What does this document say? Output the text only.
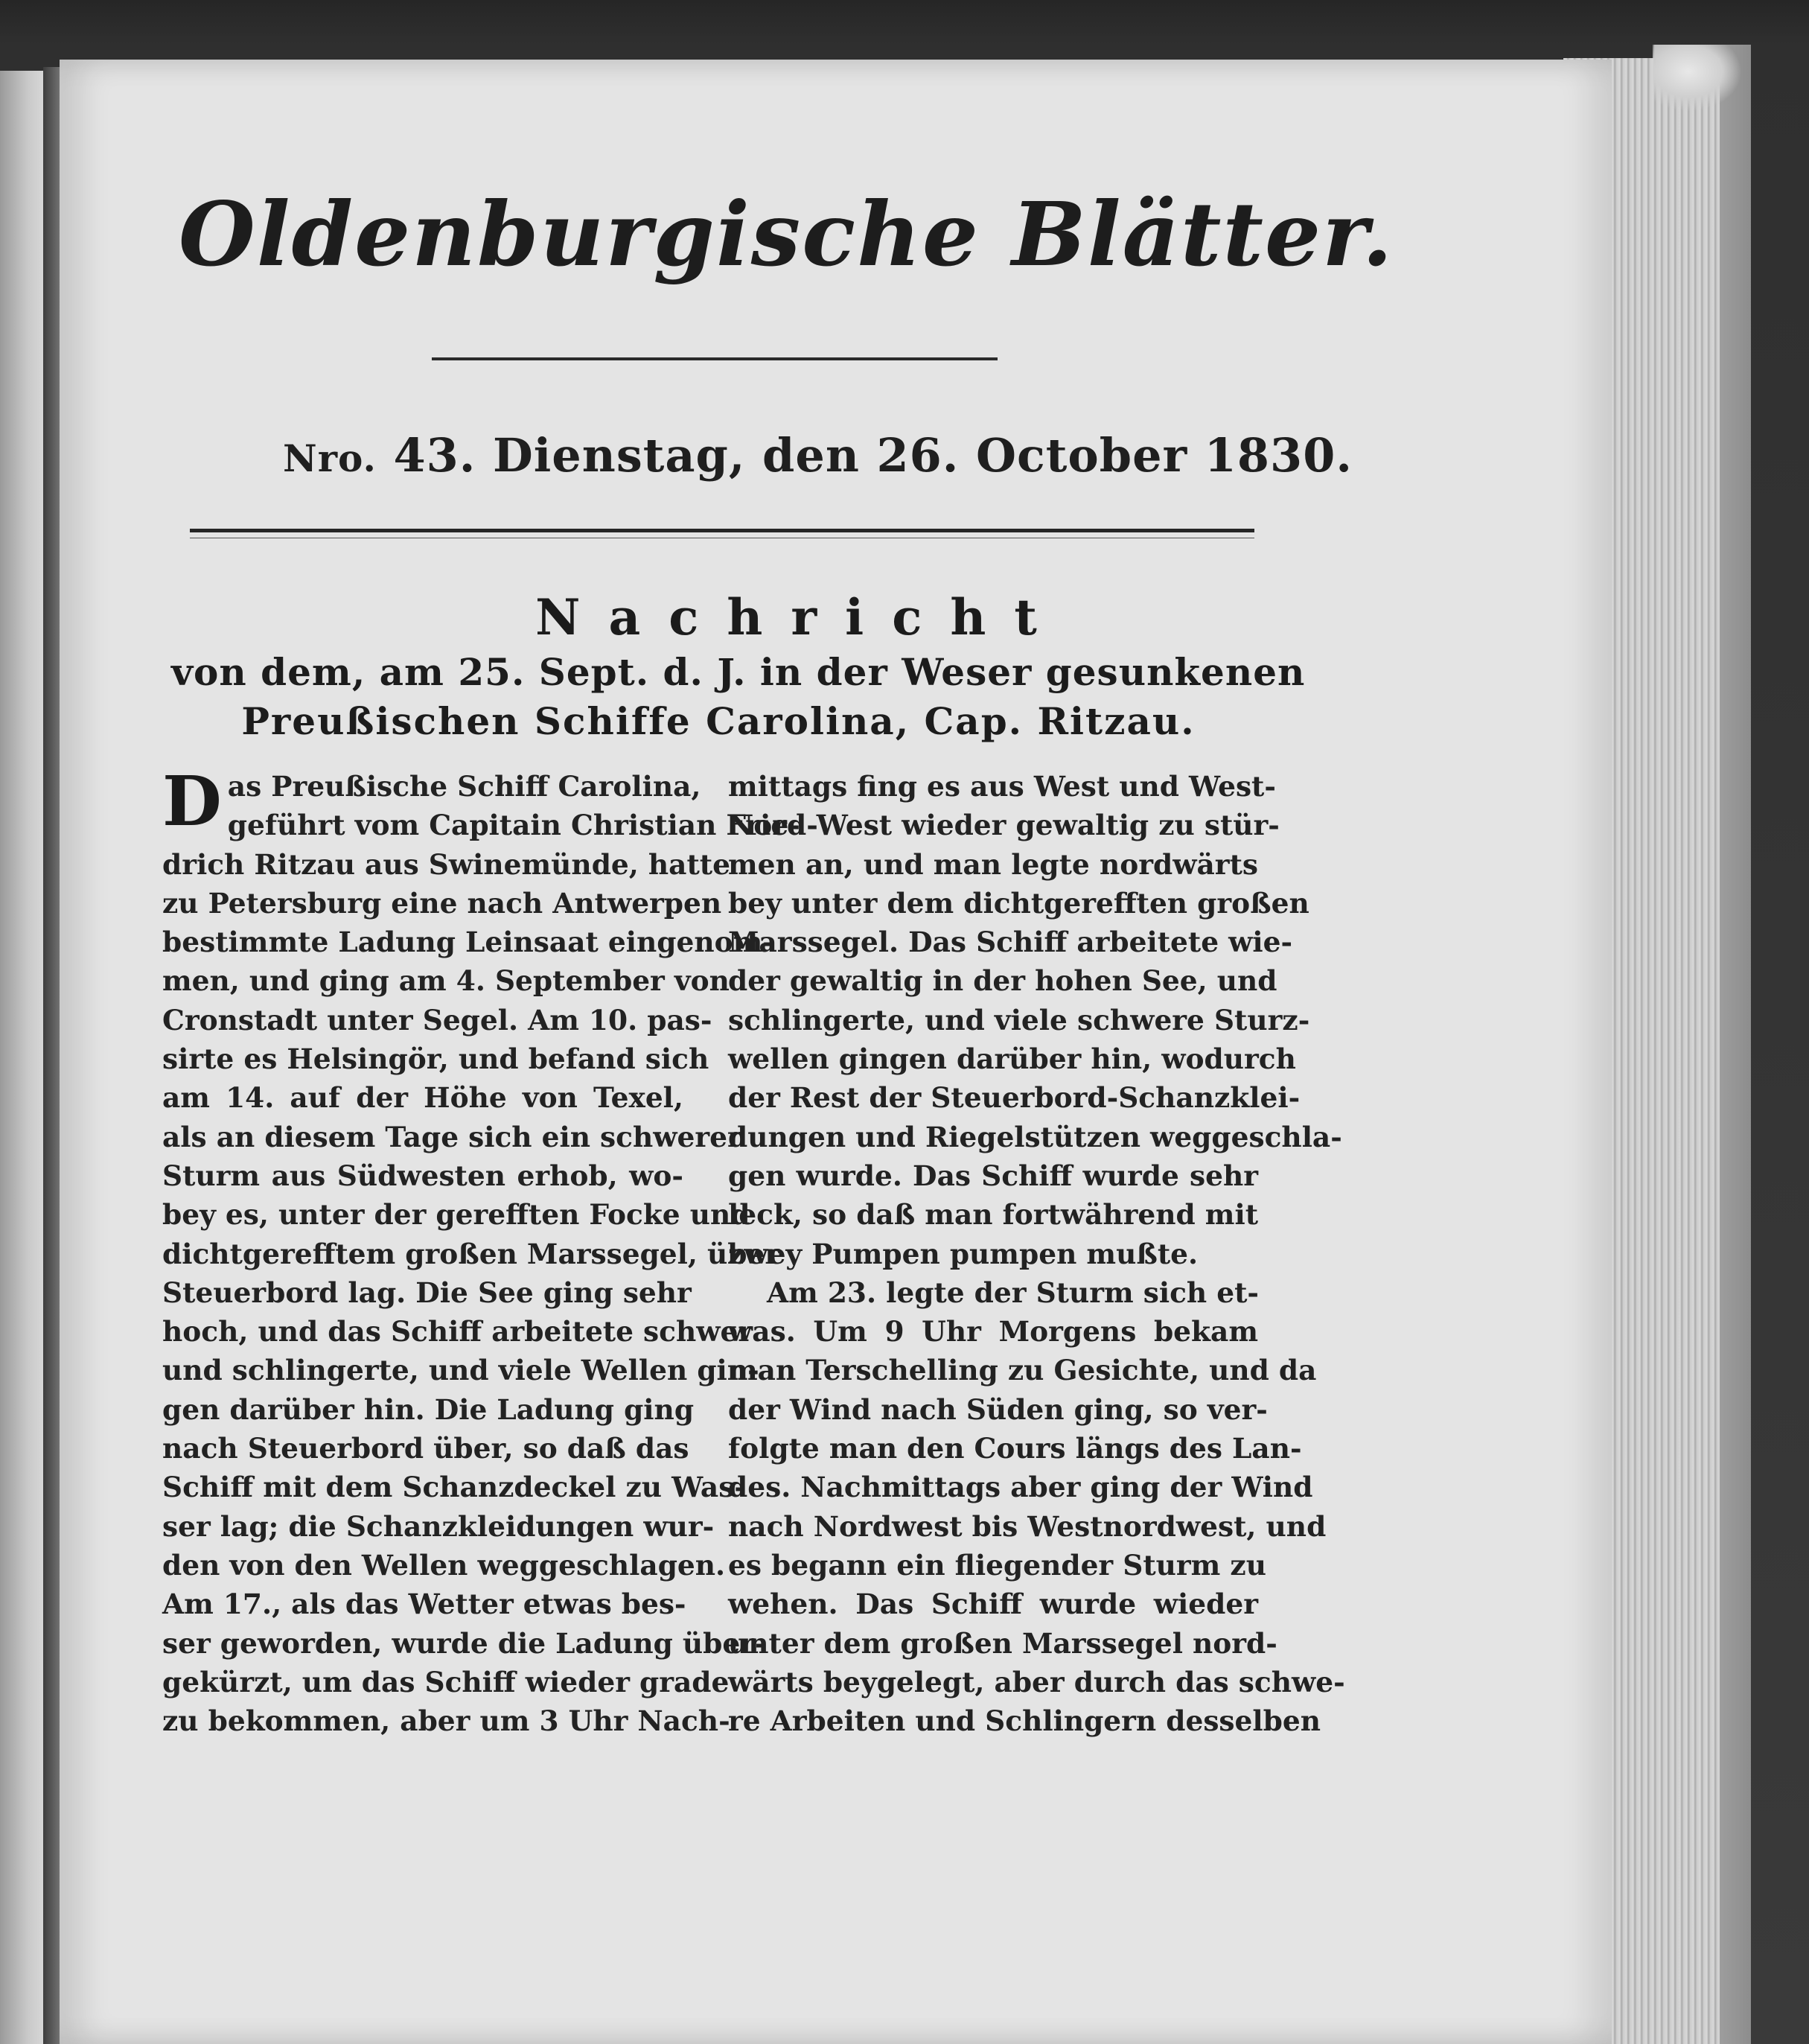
Oldenburgische Blätter.
Nro. 43. Dienstag, den 26. October 1830.
Nachricht
von dem, am 25. Sept. d. J. in der Weser gesunkenen
Preußischen Schiffe Carolina, Cap. Ritzau.
D as Preußische Schiff Carolina,
geführt vom Capitain Christian Frie-
drich Ritzau aus Swinemünde, hatte
zu Petersburg eine nach Antwerpen
bestimmte Ladung Leinsaat eingenom-
men, und ging am 4. September von
Cronstadt unter Segel. Am 10. pas-
sirte es Helsingör, und befand sich
am 14. auf der Höhe von Texel,
als an diesem Tage sich ein schwerer
Sturm aus Südwesten erhob, wo-
bey es, unter der gerefften Focke und
dichtgerefftem großen Marssegel, über
Steuerbord lag. Die See ging sehr
hoch, und das Schiff arbeitete schwer
und schlingerte, und viele Wellen gin-
gen darüber hin. Die Ladung ging
nach Steuerbord über, so daß das
Schiff mit dem Schanzdeckel zu Was-
ser lag; die Schanzkleidungen wur-
den von den Wellen weggeschlagen.
Am 17., als das Wetter etwas bes-
ser geworden, wurde die Ladung über-
gekürzt, um das Schiff wieder grade
zu bekommen, aber um 3 Uhr Nach-
mittags fing es aus West und West-
Nord-West wieder gewaltig zu stür-
men an, und man legte nordwärts
bey unter dem dichtgerefften großen
Marssegel. Das Schiff arbeitete wie-
der gewaltig in der hohen See, und
schlingerte, und viele schwere Sturz-
wellen gingen darüber hin, wodurch
der Rest der Steuerbord-Schanzklei-
dungen und Riegelstützen weggeschla-
gen wurde. Das Schiff wurde sehr
leck, so daß man fortwährend mit
zwey Pumpen pumpen mußte.
Am 23. legte der Sturm sich et-
was. Um 9 Uhr Morgens bekam
man Terschelling zu Gesichte, und da
der Wind nach Süden ging, so ver-
folgte man den Cours längs des Lan-
des. Nachmittags aber ging der Wind
nach Nordwest bis Westnordwest, und
es begann ein fliegender Sturm zu
wehen. Das Schiff wurde wieder
unter dem großen Marssegel nord-
wärts beygelegt, aber durch das schwe-
re Arbeiten und Schlingern desselben
